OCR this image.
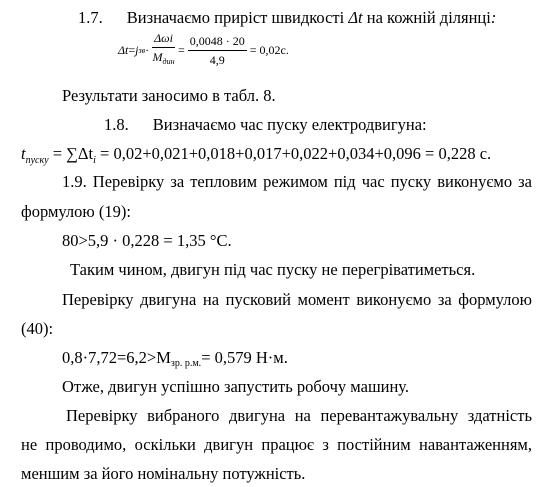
1.7. Визначаємо приріст швидкості Δt на кожній ділянці:
Δt = j зв · $\frac{\text{Δωi}}{M_{дин}} = \frac{0,0048 \cdot 20}{4,9} = 0,02с$.
Результати заносимо в табл. 8.
1.8. Визначаємо час пуску електродвигуна:
$t_{пуску} = \sum\Delta t_i = 0,02+0,021+0,018+0,017+0,022+0,034+0,096 = 0,228$ с.
1.9. Перевірку за тепловим режимом під час пуску виконуємо за
формулою (19):
80>5,9 · 0,228 = 1,35 °С.
Таким чином, двигун під час пуску не перегріватиметься.
Перевірку двигуна на пусковий момент виконуємо за формулою
(40):
0,8·7,72=6,2>Мзр. р.м.= 0,579 Н·м.
Отже, двигун успішно запустить робочу машину.
Перевірку вибраного двигуна на перевантажувальну здатність
не проводимо, оскільки двигун працює з постійним навантаженням,
меншим за його номінальну потужність.
